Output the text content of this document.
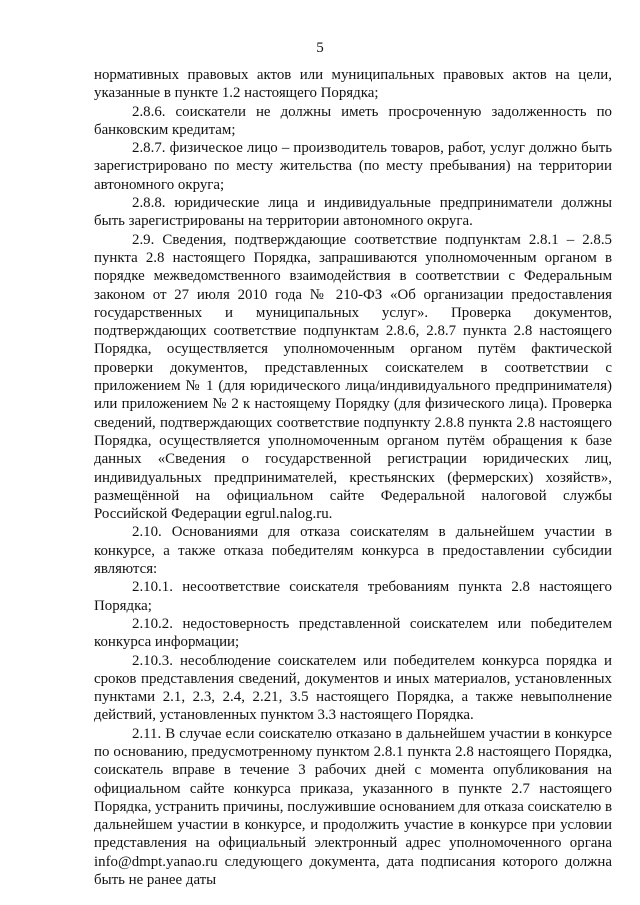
5

нормативных правовых актов или муниципальных правовых актов на цели, указанные в пункте 1.2 настоящего Порядка;

2.8.6. соискатели не должны иметь просроченную задолженность по банковским кредитам;

2.8.7. физическое лицо – производитель товаров, работ, услуг должно быть зарегистрировано по месту жительства (по месту пребывания) на территории автономного округа;

2.8.8. юридические лица и индивидуальные предприниматели должны быть зарегистрированы на территории автономного округа.

2.9. Сведения, подтверждающие соответствие подпунктам 2.8.1 – 2.8.5 пункта 2.8 настоящего Порядка, запрашиваются уполномоченным органом в порядке межведомственного взаимодействия в соответствии с Федеральным законом от 27 июля 2010 года № 210-ФЗ «Об организации предоставления государственных и муниципальных услуг». Проверка документов, подтверждающих соответствие подпунктам 2.8.6, 2.8.7 пункта 2.8 настоящего Порядка, осуществляется уполномоченным органом путём фактической проверки документов, представленных соискателем в соответствии с приложением № 1 (для юридического лица/индивидуального предпринимателя) или приложением № 2 к настоящему Порядку (для физического лица). Проверка сведений, подтверждающих соответствие подпункту 2.8.8 пункта 2.8 настоящего Порядка, осуществляется уполномоченным органом путём обращения к базе данных «Сведения о государственной регистрации юридических лиц, индивидуальных предпринимателей, крестьянских (фермерских) хозяйств», размещённой на официальном сайте Федеральной налоговой службы Российской Федерации egrul.nalog.ru.

2.10. Основаниями для отказа соискателям в дальнейшем участии в конкурсе, а также отказа победителям конкурса в предоставлении субсидии являются:

2.10.1. несоответствие соискателя требованиям пункта 2.8 настоящего Порядка;

2.10.2. недостоверность представленной соискателем или победителем конкурса информации;

2.10.3. несоблюдение соискателем или победителем конкурса порядка и сроков представления сведений, документов и иных материалов, установленных пунктами 2.1, 2.3, 2.4, 2.21, 3.5 настоящего Порядка, а также невыполнение действий, установленных пунктом 3.3 настоящего Порядка.

2.11. В случае если соискателю отказано в дальнейшем участии в конкурсе по основанию, предусмотренному пунктом 2.8.1 пункта 2.8 настоящего Порядка, соискатель вправе в течение 3 рабочих дней с момента опубликования на официальном сайте конкурса приказа, указанного в пункте 2.7 настоящего Порядка, устранить причины, послужившие основанием для отказа соискателю в дальнейшем участии в конкурсе, и продолжить участие в конкурсе при условии представления на официальный электронный адрес уполномоченного органа info@dmpt.yanao.ru следующего документа, дата подписания которого должна быть не ранее даты
